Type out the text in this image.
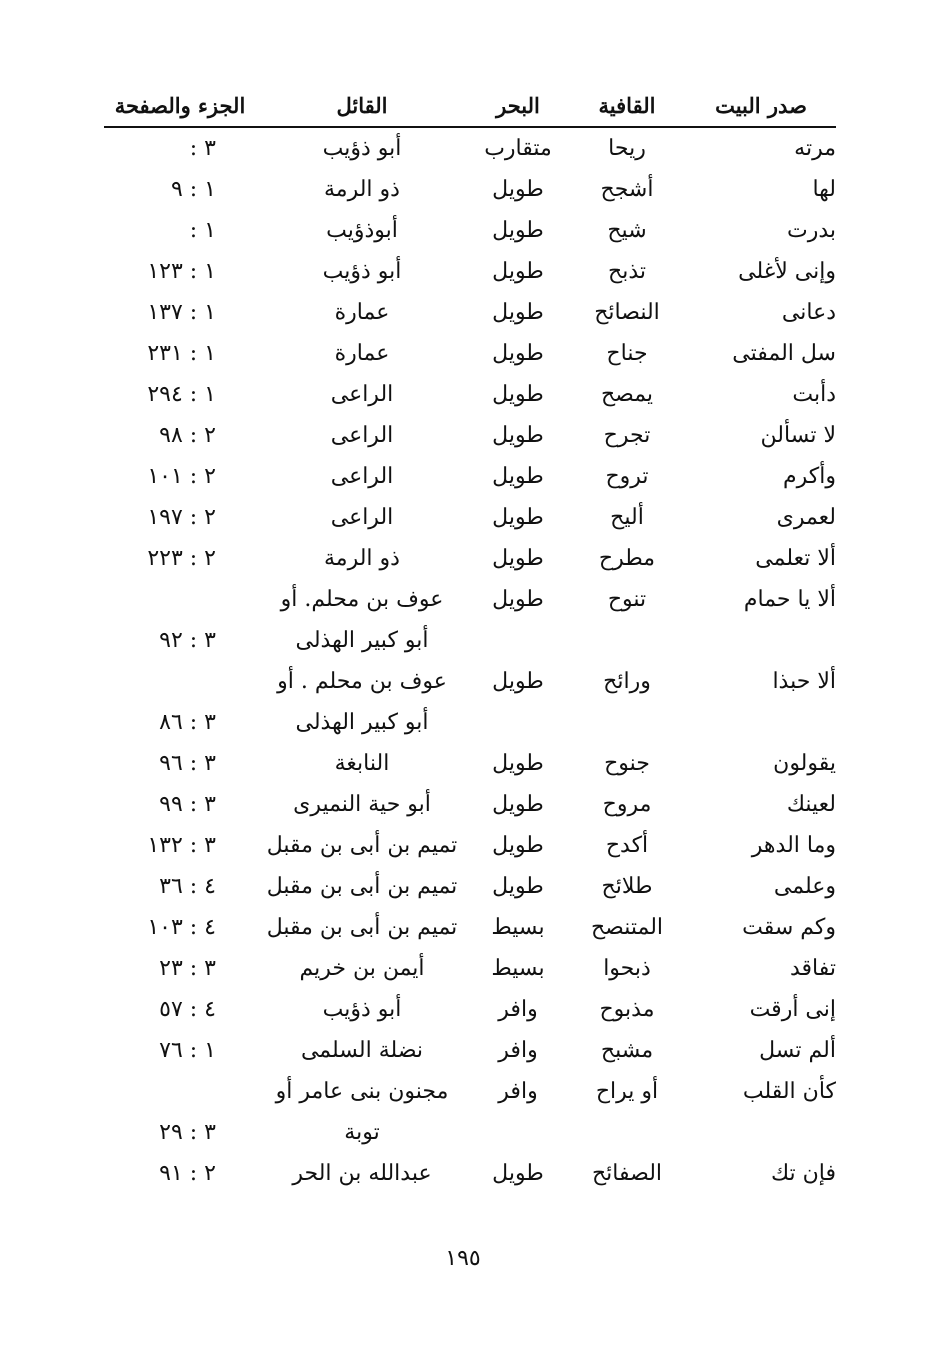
صدر البيت
القافية
البحر
القائل
الجزء والصفحة
مرته
ريحا
متقارب
أبو ذؤيب
٣ :
لها
أشجح
طويل
ذو الرمة
١ : ٩
بدرت
شيح
طويل
أبوذؤيب
١ :
وإنى لأغلى
تذبح
طويل
أبو ذؤيب
١ : ١٢٣
دعانى
النصائح
طويل
عمارة
١ : ١٣٧
سل المفتى
جناح
طويل
عمارة
١ : ٢٣١
دأبت
يمصح
طويل
الراعى
١ : ٢٩٤
لا تسألن
تجرح
طويل
الراعى
٢ : ٩٨
وأكرم
تروح
طويل
الراعى
٢ : ١٠١
لعمرى
أليح
طويل
الراعى
٢ : ١٩٧
ألا تعلمى
مطرح
طويل
ذو الرمة
٢ : ٢٢٣
ألا يا حمام
تنوح
طويل
عوف بن محلم. أو
أبو كبير الهذلى
٣ : ٩٢
ألا حبذا
ورائح
طويل
عوف بن محلم . أو
أبو كبير الهذلى
٣ : ٨٦
يقولون
جنوح
طويل
النابغة
٣ : ٩٦
لعينك
مروح
طويل
أبو حية النميرى
٣ : ٩٩
وما الدهر
أكدح
طويل
تميم بن أبى بن مقبل
٣ : ١٣٢
وعلمى
طلائح
طويل
تميم بن أبى بن مقبل
٤ : ٣٦
وكم سقت
المتنصح
بسيط
تميم بن أبى بن مقبل
٤ : ١٠٣
تفاقد
ذبحوا
بسيط
أيمن بن خريم
٣ : ٢٣
إنى أرقت
مذبوح
وافر
أبو ذؤيب
٤ : ٥٧
ألم تسل
مشبح
وافر
نضلة السلمى
١ : ٧٦
كأن القلب
أو يراح
وافر
مجنون بنى عامر أو
توبة
٣ : ٢٩
فإن تك
الصفائح
طويل
عبدالله بن الحر
٢ : ٩١
١٩٥
